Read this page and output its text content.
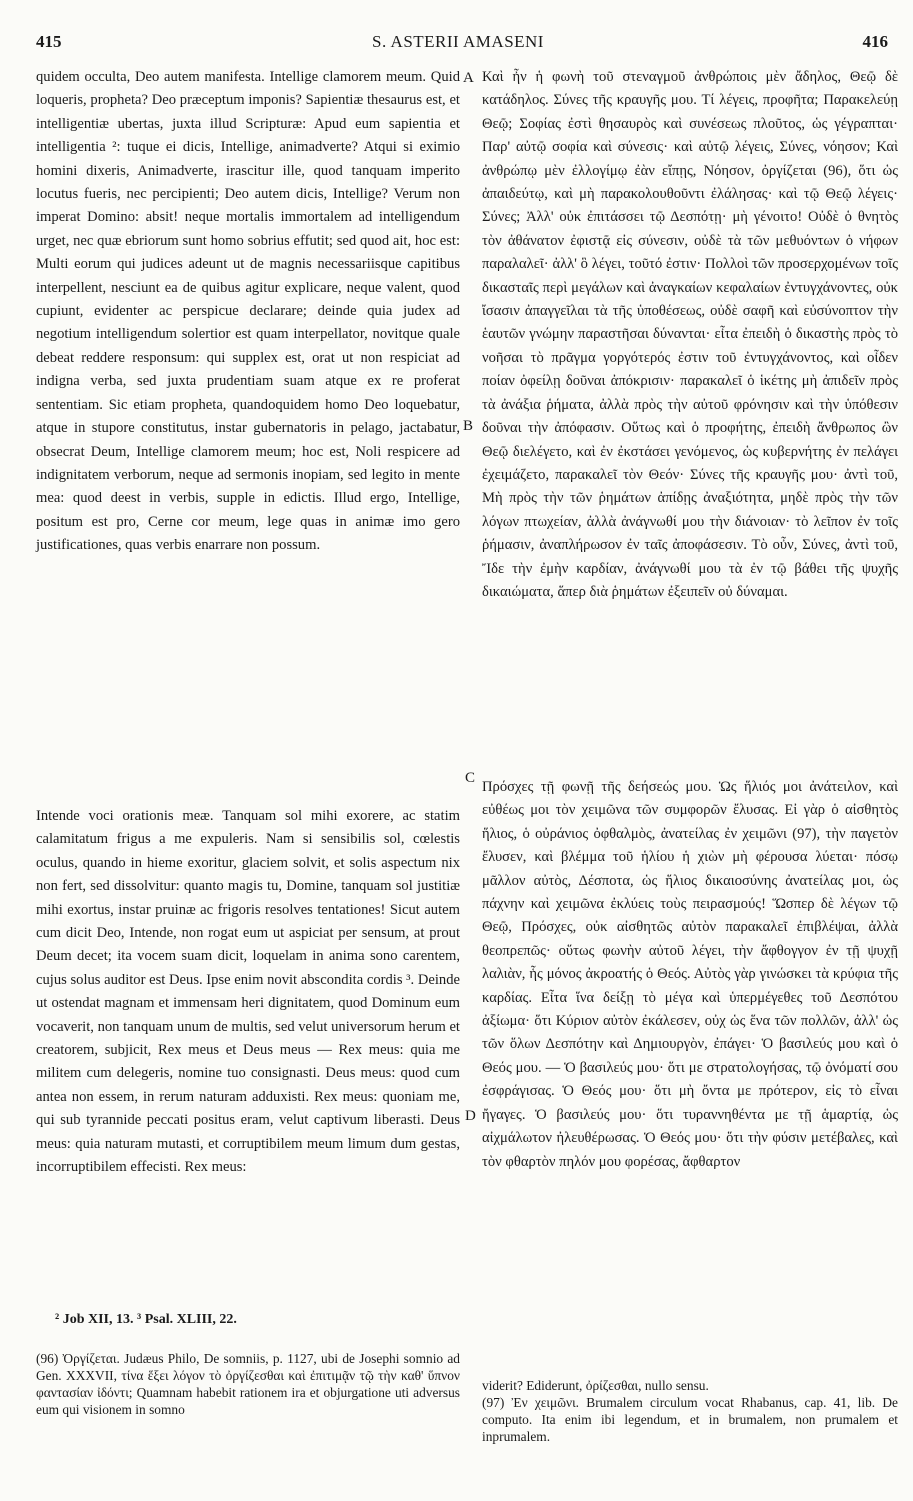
415	S. ASTERII AMASENI	416

quidem occulta, Deo autem manifesta. Intellige clamorem meum. Quid loqueris, propheta? Deo præceptum imponis? Sapientiæ thesaurus est, et intelligentiæ ubertas, juxta illud Scripturæ: Apud eum sapientia et intelligentia ²: tuque ei dicis, Intellige, animadverte? Atqui si eximio homini dixeris, Animadverte, irascitur ille, quod tanquam imperito locutus fueris, nec percipienti; Deo autem dicis, Intellige? Verum non imperat Domino: absit! neque mortalis immortalem ad intelligendum urget, nec quæ ebriorum sunt homo sobrius effutit; sed quod ait, hoc est: Multi eorum qui judices adeunt ut de magnis necessariisque capitibus interpellent, nesciunt ea de quibus agitur explicare, neque valent, quod cupiunt, evidenter ac perspicue declarare; deinde quia judex ad negotium intelligendum solertior est quam interpellator, novitque quale debeat reddere responsum: qui supplex est, orat ut non respiciat ad indigna verba, sed juxta prudentiam suam atque ex re proferat sententiam. Sic etiam propheta, quandoquidem homo Deo loquebatur, atque in stupore constitutus, instar gubernatoris in pelago, jactabatur, obsecrat Deum, Intellige clamorem meum; hoc est, Noli respicere ad indignitatem verborum, neque ad sermonis inopiam, sed legito in mente mea: quod deest in verbis, supple in edictis. Illud ergo, Intellige, positum est pro, Cerne cor meum, lege quas in animæ imo gero justificationes, quas verbis enarrare non possum.

Intende voci orationis meæ. Tanquam sol mihi exorere, ac statim calamitatum frigus a me expuleris. Nam si sensibilis sol, cœlestis oculus, quando in hieme exoritur, glaciem solvit, et solis aspectum nix non fert, sed dissolvitur: quanto magis tu, Domine, tanquam sol justitiæ mihi exortus, instar pruinæ ac frigoris resolves tentationes! Sicut autem cum dicit Deo, Intende, non rogat eum ut aspiciat per sensum, at prout Deum decet; ita vocem suam dicit, loquelam in anima sono carentem, cujus solus auditor est Deus. Ipse enim novit abscondita cordis ³. Deinde ut ostendat magnam et immensam heri dignitatem, quod Dominum eum vocaverit, non tanquam unum de multis, sed velut universorum herum et creatorem, subjicit, Rex meus et Deus meus — Rex meus: quia me militem cum delegeris, nomine tuo consignasti. Deus meus: quod cum antea non essem, in rerum naturam adduxisti. Rex meus: quoniam me, qui sub tyrannide peccati positus eram, velut captivum liberasti. Deus meus: quia naturam mutasti, et corruptibilem meum limum dum gestas, incorruptibilem effecisti. Rex meus:

Καὶ ἦν ἡ φωνὴ τοῦ στεναγμοῦ ἀνθρώποις μὲν ἄδηλος, Θεῷ δὲ κατάδηλος. Σύνες τῆς κραυγῆς μου. Τί λέγεις, προφῆτα; Παρακελεύῃ Θεῷ; Σοφίας ἐστὶ θησαυρὸς καὶ συνέσεως πλοῦτος, ὡς γέγραπται· Παρ' αὐτῷ σοφία καὶ σύνεσις· καὶ αὐτῷ λέγεις, Σύνες, νόησον; Καὶ ἀνθρώπῳ μὲν ἐλλογίμῳ ἐὰν εἴπῃς, Νόησον, ὀργίζεται (96), ὅτι ὡς ἀπαιδεύτῳ, καὶ μὴ παρακολουθοῦντι ἐλάλησας· καὶ τῷ Θεῷ λέγεις· Σύνες; Ἀλλ' οὐκ ἐπιτάσσει τῷ Δεσπότῃ· μὴ γένοιτο! Οὐδὲ ὁ θνητὸς τὸν ἀθάνατον ἐφιστᾷ εἰς σύνεσιν, οὐδὲ τὰ τῶν μεθυόντων ὁ νήφων παραλαλεῖ· ἀλλ' ὃ λέγει, τοῦτό ἐστιν· Πολλοὶ τῶν προσερχομένων τοῖς δικασταῖς περὶ μεγάλων καὶ ἀναγκαίων κεφαλαίων ἐντυγχάνοντες, οὐκ ἴσασιν ἀπαγγεῖλαι τὰ τῆς ὑποθέσεως, οὐδὲ σαφῆ καὶ εὐσύνοπτον τὴν ἑαυτῶν γνώμην παραστῆσαι δύνανται· εἶτα ἐπειδὴ ὁ δικαστὴς πρὸς τὸ νοῆσαι τὸ πρᾶγμα γοργότερός ἐστιν τοῦ ἐντυγχάνοντος, καὶ οἶδεν ποίαν ὀφείλῃ δοῦναι ἀπόκρισιν· παρακαλεῖ ὁ ἱκέτης μὴ ἀπιδεῖν πρὸς τὰ ἀνάξια ῥήματα, ἀλλὰ πρὸς τὴν αὐτοῦ φρόνησιν καὶ τὴν ὑπόθεσιν δοῦναι τὴν ἀπόφασιν. Οὕτως καὶ ὁ προφήτης, ἐπειδὴ ἄνθρωπος ὢν Θεῷ διελέγετο, καὶ ἐν ἐκστάσει γενόμενος, ὡς κυβερνήτης ἐν πελάγει ἐχειμάζετο, παρακαλεῖ τὸν Θεόν· Σύνες τῆς κραυγῆς μου· ἀντὶ τοῦ, Μὴ πρὸς τὴν τῶν ῥημάτων ἀπίδῃς ἀναξιότητα, μηδὲ πρὸς τὴν τῶν λόγων πτωχείαν, ἀλλὰ ἀνάγνωθί μου τὴν διάνοιαν· τὸ λεῖπον ἐν τοῖς ῥήμασιν, ἀναπλήρωσον ἐν ταῖς ἀποφάσεσιν. Τὸ οὖν, Σύνες, ἀντὶ τοῦ, Ἴδε τὴν ἐμὴν καρδίαν, ἀνάγνωθί μου τὰ ἐν τῷ βάθει τῆς ψυχῆς δικαιώματα, ἅπερ διὰ ῥημάτων ἐξειπεῖν οὐ δύναμαι.

Πρόσχες τῇ φωνῇ τῆς δεήσεώς μου. Ὡς ἥλιός μοι ἀνάτειλον, καὶ εὐθέως μοι τὸν χειμῶνα τῶν συμφορῶν ἔλυσας. Εἰ γὰρ ὁ αἰσθητὸς ἥλιος, ὁ οὐράνιος ὀφθαλμὸς, ἀνατείλας ἐν χειμῶνι (97), τὴν παγετὸν ἔλυσεν, καὶ βλέμμα τοῦ ἡλίου ἡ χιὼν μὴ φέρουσα λύεται· πόσῳ μᾶλλον αὐτὸς, Δέσποτα, ὡς ἥλιος δικαιοσύνης ἀνατείλας μοι, ὡς πάχνην καὶ χειμῶνα ἐκλύεις τοὺς πειρασμούς! Ὥσπερ δὲ λέγων τῷ Θεῷ, Πρόσχες, οὐκ αἰσθητῶς αὐτὸν παρακαλεῖ ἐπιβλέψαι, ἀλλὰ θεοπρεπῶς· οὕτως φωνὴν αὐτοῦ λέγει, τὴν ἄφθογγον ἐν τῇ ψυχῇ λαλιὰν, ἧς μόνος ἀκροατής ὁ Θεός. Αὐτὸς γὰρ γινώσκει τὰ κρύφια τῆς καρδίας. Εἶτα ἵνα δείξῃ τὸ μέγα καὶ ὑπερμέγεθες τοῦ Δεσπότου ἀξίωμα· ὅτι Κύριον αὐτὸν ἐκάλεσεν, οὐχ ὡς ἕνα τῶν πολλῶν, ἀλλ' ὡς τῶν ὅλων Δεσπότην καὶ Δημιουργὸν, ἐπάγει· Ὁ βασιλεύς μου καὶ ὁ Θεός μου. — Ὁ βασιλεύς μου· ὅτι με στρατολογήσας, τῷ ὀνόματί σου ἐσφράγισας. Ὁ Θεός μου· ὅτι μὴ ὄντα με πρότερον, εἰς τὸ εἶναι ἤγαγες. Ὁ βασιλεύς μου· ὅτι τυραννηθέντα με τῇ ἁμαρτίᾳ, ὡς αἰχμάλωτον ἠλευθέρωσας. Ὁ Θεός μου· ὅτι τὴν φύσιν μετέβαλες, καὶ τὸν φθαρτὸν πηλόν μου φορέσας, ἄφθαρτον

A
B
C
D
² Job XII, 13. ³ Psal. XLIII, 22.

(96) Ὀργίζεται. Judæus Philo, De somniis, p. 1127, ubi de Josephi somnio ad Gen. XXXVII, τίνα ἕξει λόγον τὸ ὀργίζεσθαι καὶ ἐπιτιμᾷν τῷ τὴν καθ' ὕπνον φαντασίαν ἰδόντι; Quamnam habebit rationem ira et objurgatione uti adversus eum qui visionem in somno

viderit? Ediderunt, ὀρίζεσθαι, nullo sensu.

(97) Ἐν χειμῶνι. Brumalem circulum vocat Rhabanus, cap. 41, lib. De computo. Ita enim ibi legendum, et in brumalem, non prumalem et inprumalem.
